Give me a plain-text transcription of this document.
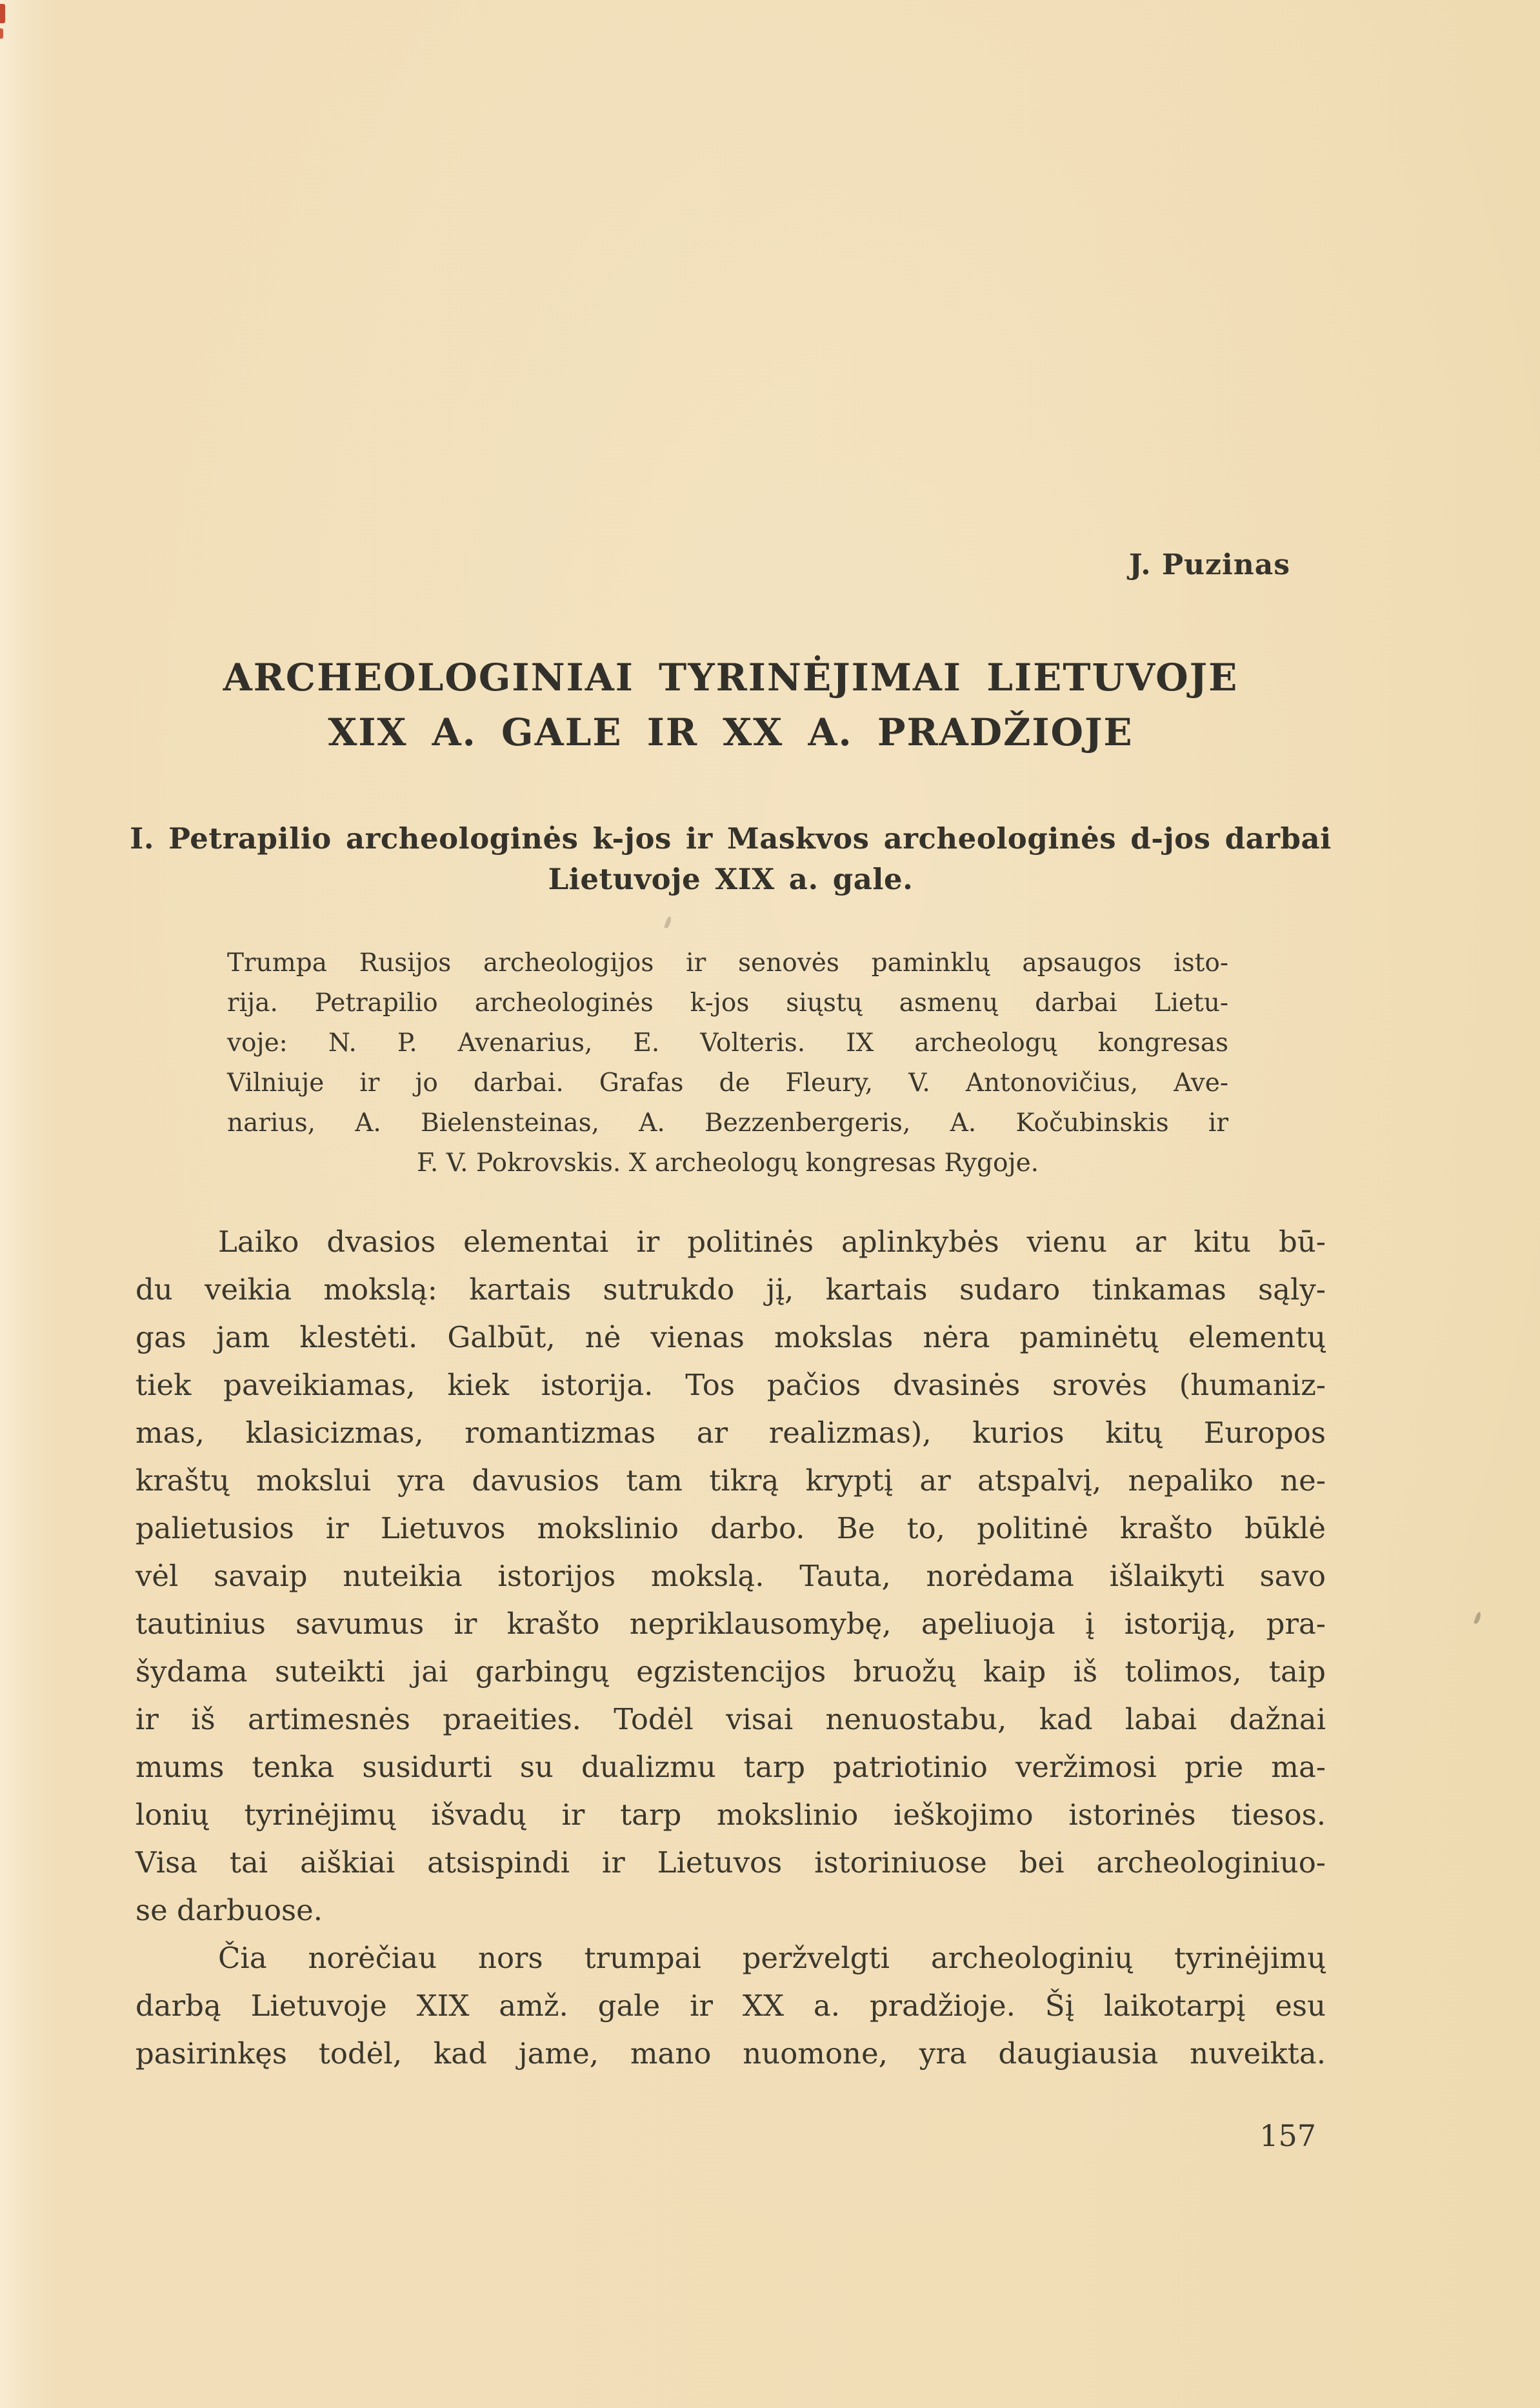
J. Puzinas
ARCHEOLOGINIAI TYRINĖJIMAI LIETUVOJE
XIX A. GALE IR XX A. PRADŽIOJE
I. Petrapilio archeologinės k-jos ir Maskvos archeologinės d-jos darbai
Lietuvoje XIX a. gale.
Trumpa Rusijos archeologijos ir senovės paminklų apsaugos isto-
rija. Petrapilio archeologinės k-jos siųstų asmenų darbai Lietu-
voje: N. P. Avenarius, E. Volteris. IX archeologų kongresas
Vilniuje ir jo darbai. Grafas de Fleury, V. Antonovičius, Ave-
narius, A. Bielensteinas, A. Bezzenbergeris, A. Kočubinskis ir
F. V. Pokrovskis. X archeologų kongresas Rygoje.
Laiko dvasios elementai ir politinės aplinkybės vienu ar kitu bū-
du veikia mokslą: kartais sutrukdo jį, kartais sudaro tinkamas sąly-
gas jam klestėti. Galbūt, nė vienas mokslas nėra paminėtų elementų
tiek paveikiamas, kiek istorija. Tos pačios dvasinės srovės (humaniz-
mas, klasicizmas, romantizmas ar realizmas), kurios kitų Europos
kraštų mokslui yra davusios tam tikrą kryptį ar atspalvį, nepaliko ne-
palietusios ir Lietuvos mokslinio darbo. Be to, politinė krašto būklė
vėl savaip nuteikia istorijos mokslą. Tauta, norėdama išlaikyti savo
tautinius savumus ir krašto nepriklausomybę, apeliuoja į istoriją, pra-
šydama suteikti jai garbingų egzistencijos bruožų kaip iš tolimos, taip
ir iš artimesnės praeities. Todėl visai nenuostabu, kad labai dažnai
mums tenka susidurti su dualizmu tarp patriotinio veržimosi prie ma-
lonių tyrinėjimų išvadų ir tarp mokslinio ieškojimo istorinės tiesos.
Visa tai aiškiai atsispindi ir Lietuvos istoriniuose bei archeologiniuo-
se darbuose.
Čia norėčiau nors trumpai peržvelgti archeologinių tyrinėjimų
darbą Lietuvoje XIX amž. gale ir XX a. pradžioje. Šį laikotarpį esu
pasirinkęs todėl, kad jame, mano nuomone, yra daugiausia nuveikta.
157
